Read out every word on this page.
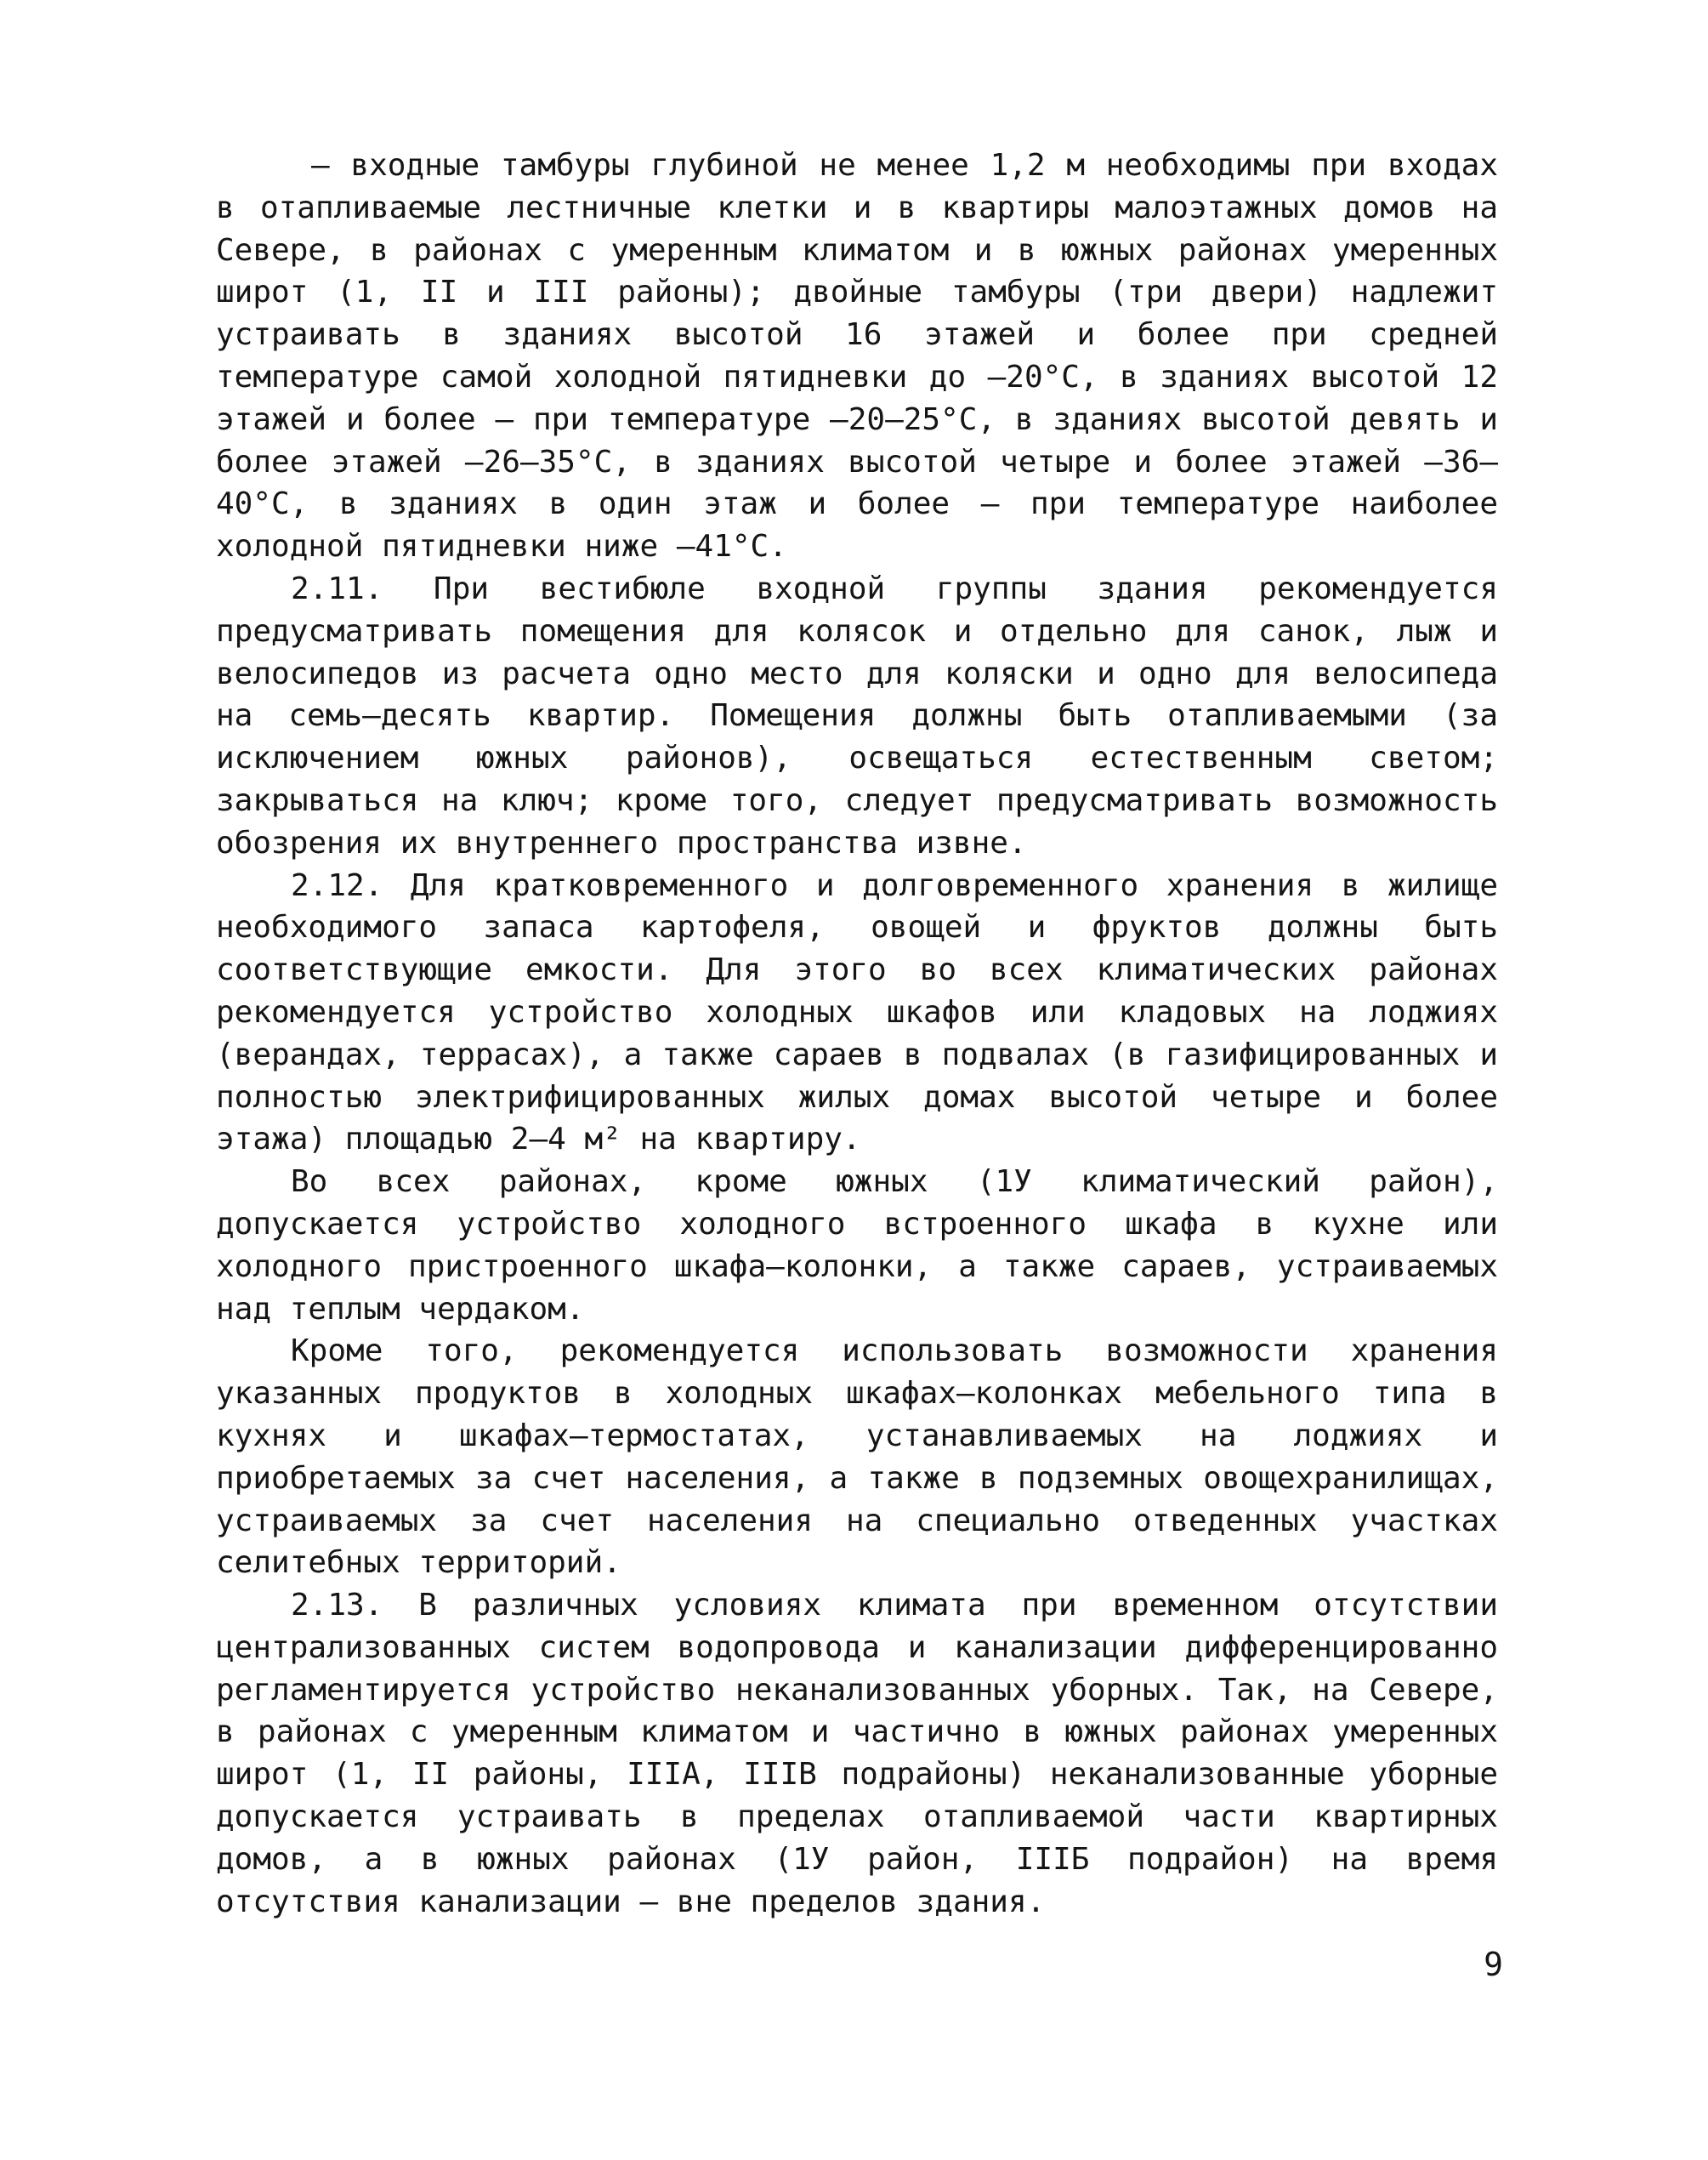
– входные тамбуры глубиной не менее 1,2 м необходимы при входах в отапливаемые лестничные клетки и в квартиры малоэтажных домов на Севере, в районах с умеренным климатом и в южных районах умеренных широт (1, II и III районы); двойные тамбуры (три двери) надлежит устраивать в зданиях высотой 16 этажей и более при средней температуре самой холодной пятидневки до –20°С, в зданиях высотой 12 этажей и более – при температуре –20–25°С, в зданиях высотой девять и более этажей –26–35°С, в зданиях высотой четыре и более этажей –36–40°С, в зданиях в один этаж и более – при температуре наиболее холодной пятидневки ниже –41°С.

2.11. При вестибюле входной группы здания рекомендуется предусматривать помещения для колясок и отдельно для санок, лыж и велосипедов из расчета одно место для коляски и одно для велосипеда на семь–десять квартир. Помещения должны быть отапливаемыми (за исключением южных районов), освещаться естественным светом; закрываться на ключ; кроме того, следует предусматривать возможность обозрения их внутреннего пространства извне.

2.12. Для кратковременного и долговременного хранения в жилище необходимого запаса картофеля, овощей и фруктов должны быть соответствующие емкости. Для этого во всех климатических районах рекомендуется устройство холодных шкафов или кладовых на лоджиях (верандах, террасах), а также сараев в подвалах (в газифицированных и полностью электрифицированных жилых домах высотой четыре и более этажа) площадью 2–4 м² на квартиру.

Во всех районах, кроме южных (1У климатический район), допускается устройство холодного встроенного шкафа в кухне или холодного пристроенного шкафа–колонки, а также сараев, устраиваемых над теплым чердаком.

Кроме того, рекомендуется использовать возможности хранения указанных продуктов в холодных шкафах–колонках мебельного типа в кухнях и шкафах–термостатах, устанавливаемых на лоджиях и приобретаемых за счет населения, а также в подземных овощехранилищах, устраиваемых за счет населения на специально отведенных участках селитебных территорий.

2.13. В различных условиях климата при временном отсутствии централизованных систем водопровода и канализации дифференцированно регламентируется устройство неканализованных уборных. Так, на Севере, в районах с умеренным климатом и частично в южных районах умеренных широт (1, II районы, IIIА, IIIВ подрайоны) неканализованные уборные допускается устраивать в пределах отапливаемой части квартирных домов, а в южных районах (1У район, IIIБ подрайон) на время отсутствия канализации – вне пределов здания.

9
